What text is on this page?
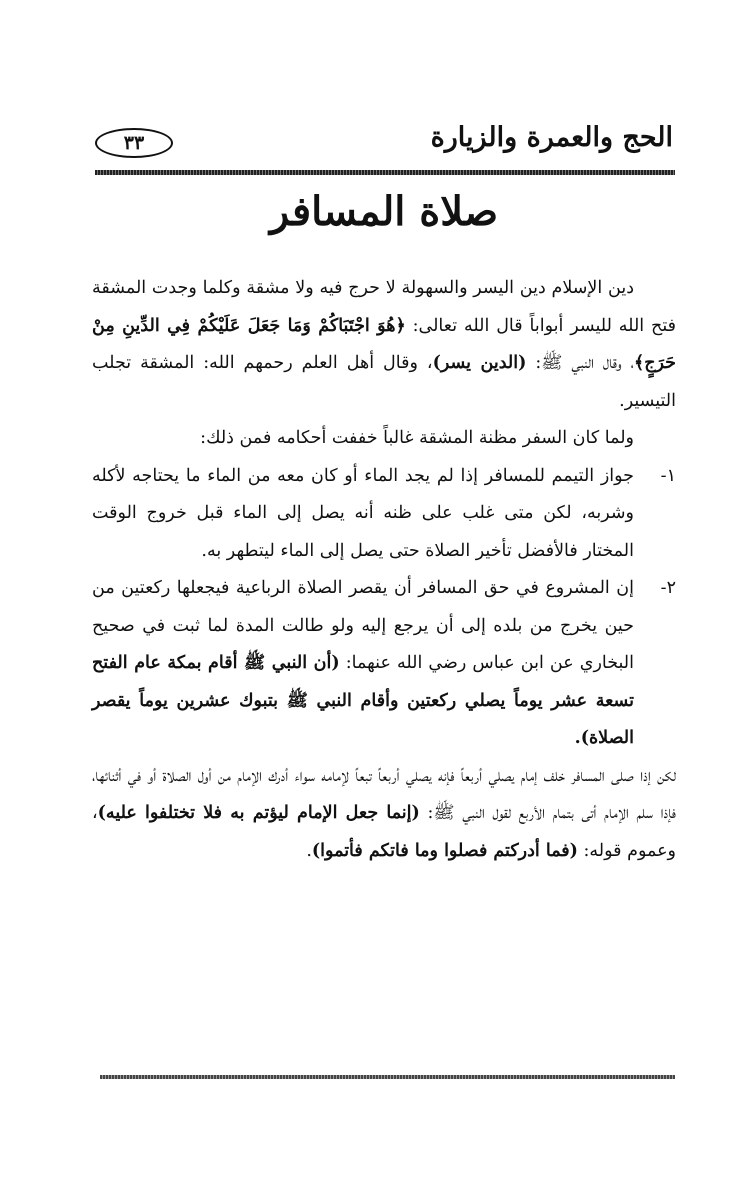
الحج والعمرة والزيارة
٣٣
صلاة المسافر

دين الإسلام دين اليسر والسهولة لا حرج فيه ولا مشقة وكلما وجدت المشقة فتح الله لليسر أبواباً قال الله تعالى: ﴿هُوَ اجْتَبَاكُمْ وَمَا جَعَلَ عَلَيْكُمْ فِي الدِّينِ مِنْ حَرَجٍ﴾، وقال النبي ﷺ: (الدين يسر)، وقال أهل العلم رحمهم الله: المشقة تجلب التيسير.

ولما كان السفر مظنة المشقة غالباً خففت أحكامه فمن ذلك:

١-
جواز التيمم للمسافر إذا لم يجد الماء أو كان معه من الماء ما يحتاجه لأكله وشربه، لكن متى غلب على ظنه أنه يصل إلى الماء قبل خروج الوقت المختار فالأفضل تأخير الصلاة حتى يصل إلى الماء ليتطهر به.
٢-
إن المشروع في حق المسافر أن يقصر الصلاة الرباعية فيجعلها ركعتين من حين يخرج من بلده إلى أن يرجع إليه ولو طالت المدة لما ثبت في صحيح البخاري عن ابن عباس رضي الله عنهما: (أن النبي ﷺ أقام بمكة عام الفتح تسعة عشر يوماً يصلي ركعتين وأقام النبي ﷺ بتبوك عشرين يوماً يقصر الصلاة).

لكن إذا صلى المسافر خلف إمام يصلي أربعاً فإنه يصلي أربعاً تبعاً لإمامه سواء أدرك الإمام من أول الصلاة أو في أثنائها، فإذا سلم الإمام أتى بتمام الأربع لقول النبي ﷺ: (إنما جعل الإمام ليؤتم به فلا تختلفوا عليه)، وعموم قوله: (فما أدركتم فصلوا وما فاتكم فأتموا).
